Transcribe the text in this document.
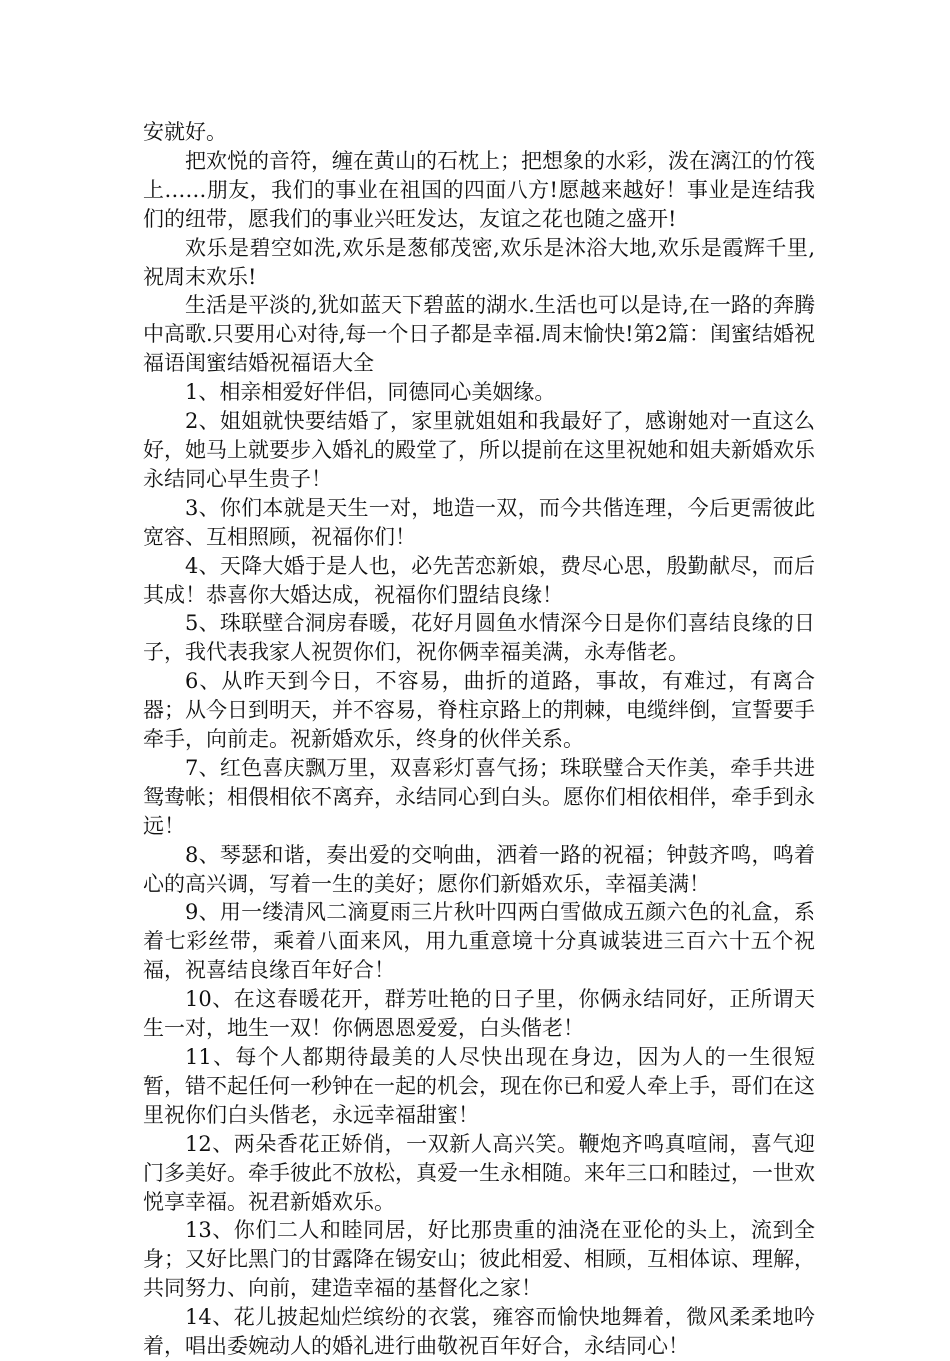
安就好。

把欢悦的音符，缠在黄山的石枕上；把想象的水彩，泼在漓江的竹筏上……朋友，我们的事业在祖国的四面八方!愿越来越好！事业是连结我们的纽带，愿我们的事业兴旺发达，友谊之花也随之盛开!

欢乐是碧空如洗,欢乐是葱郁茂密,欢乐是沐浴大地,欢乐是霞辉千里,祝周末欢乐!

生活是平淡的,犹如蓝天下碧蓝的湖水.生活也可以是诗,在一路的奔腾中高歌.只要用心对待,每一个日子都是幸福.周末愉快!第2篇：闺蜜结婚祝福语闺蜜结婚祝福语大全

1、相亲相爱好伴侣，同德同心美姻缘。

2、姐姐就快要结婚了，家里就姐姐和我最好了，感谢她对一直这么好，她马上就要步入婚礼的殿堂了，所以提前在这里祝她和姐夫新婚欢乐永结同心早生贵子！

3、你们本就是天生一对，地造一双，而今共偕连理，今后更需彼此宽容、互相照顾，祝福你们！

4、天降大婚于是人也，必先苦恋新娘，费尽心思，殷勤献尽，而后其成！恭喜你大婚达成，祝福你们盟结良缘！

5、珠联壁合洞房春暖，花好月圆鱼水情深今日是你们喜结良缘的日子，我代表我家人祝贺你们，祝你俩幸福美满，永寿偕老。

6、从昨天到今日，不容易，曲折的道路，事故，有难过，有离合器；从今日到明天，并不容易，脊柱京路上的荆棘，电缆绊倒，宣誓要手牵手，向前走。祝新婚欢乐，终身的伙伴关系。

7、红色喜庆飘万里，双喜彩灯喜气扬；珠联璧合天作美，牵手共进鸳鸯帐；相偎相依不离弃，永结同心到白头。愿你们相依相伴，牵手到永远！

8、琴瑟和谐，奏出爱的交响曲，洒着一路的祝福；钟鼓齐鸣，鸣着心的高兴调，写着一生的美好；愿你们新婚欢乐，幸福美满！

9、用一缕清风二滴夏雨三片秋叶四两白雪做成五颜六色的礼盒，系着七彩丝带，乘着八面来风，用九重意境十分真诚装进三百六十五个祝福，祝喜结良缘百年好合！

10、在这春暖花开，群芳吐艳的日子里，你俩永结同好，正所谓天生一对，地生一双！你俩恩恩爱爱，白头偕老！

11、每个人都期待最美的人尽快出现在身边，因为人的一生很短暂，错不起任何一秒钟在一起的机会，现在你已和爱人牵上手，哥们在这里祝你们白头偕老，永远幸福甜蜜！

12、两朵香花正娇俏，一双新人高兴笑。鞭炮齐鸣真喧闹，喜气迎门多美好。牵手彼此不放松，真爱一生永相随。来年三口和睦过，一世欢悦享幸福。祝君新婚欢乐。

13、你们二人和睦同居，好比那贵重的油浇在亚伦的头上，流到全身；又好比黑门的甘露降在锡安山；彼此相爱、相顾，互相体谅、理解，共同努力、向前，建造幸福的基督化之家！

14、花儿披起灿烂缤纷的衣裳，雍容而愉快地舞着，微风柔柔地吟着，唱出委婉动人的婚礼进行曲敬祝百年好合，永结同心！
